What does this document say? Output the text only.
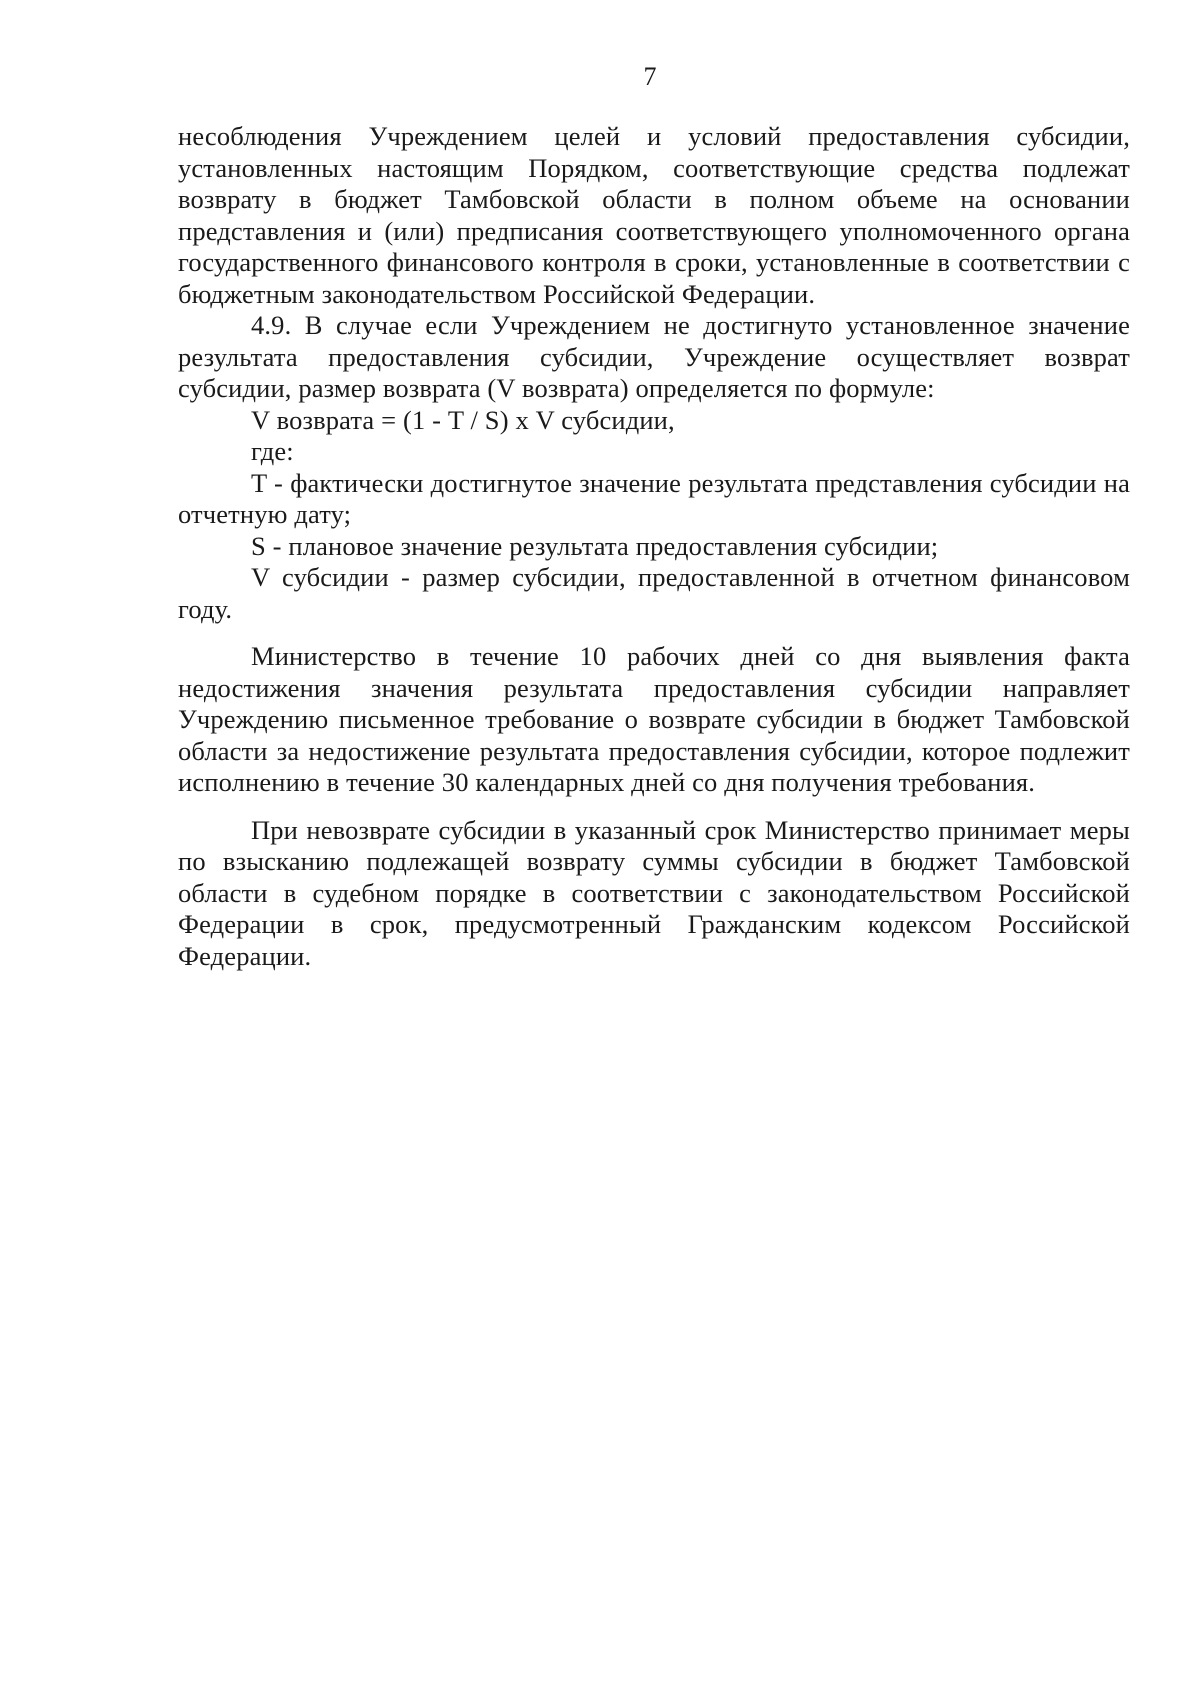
7

несоблюдения Учреждением целей и условий предоставления субсидии, установленных настоящим Порядком, соответствующие средства подлежат возврату в бюджет Тамбовской области в полном объеме на основании представления и (или) предписания соответствующего уполномоченного органа государственного финансового контроля в сроки, установленные в соответствии с бюджетным законодательством Российской Федерации.

4.9. В случае если Учреждением не достигнуто установленное значение результата предоставления субсидии, Учреждение осуществляет возврат субсидии, размер возврата (V возврата) определяется по формуле:

V возврата = (1 - T / S) х V субсидии,

где:

T - фактически достигнутое значение результата представления субсидии на отчетную дату;

S - плановое значение результата предоставления субсидии;

V субсидии - размер субсидии, предоставленной в отчетном финансовом году.

Министерство в течение 10 рабочих дней со дня выявления факта недостижения значения результата предоставления субсидии направляет Учреждению письменное требование о возврате субсидии в бюджет Тамбовской области за недостижение результата предоставления субсидии, которое подлежит исполнению в течение 30 календарных дней со дня получения требования.

При невозврате субсидии в указанный срок Министерство принимает меры по взысканию подлежащей возврату суммы субсидии в бюджет Тамбовской области в судебном порядке в соответствии с законодательством Российской Федерации в срок, предусмотренный Гражданским кодексом Российской Федерации.
